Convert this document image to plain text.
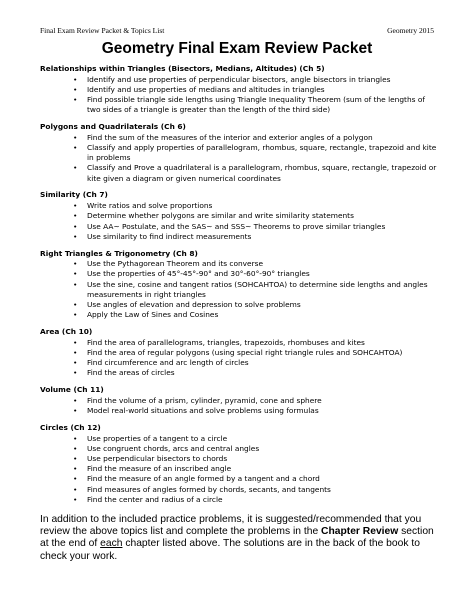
Final Exam Review Packet & Topics List	Geometry 2015
Geometry Final Exam Review Packet
Relationships within Triangles (Bisectors, Medians, Altitudes) (Ch 5)
• Identify and use properties of perpendicular bisectors, angle bisectors in triangles
• Identify and use properties of medians and altitudes in triangles
• Find possible triangle side lengths using Triangle Inequality Theorem (sum of the lengths of two sides of a triangle is greater than the length of the third side)
Polygons and Quadrilaterals (Ch 6)
• Find the sum of the measures of the interior and exterior angles of a polygon
• Classify and apply properties of parallelogram, rhombus, square, rectangle, trapezoid and kite in problems
• Classify and Prove a quadrilateral is a parallelogram, rhombus, square, rectangle, trapezoid or kite given a diagram or given numerical coordinates
Similarity (Ch 7)
• Write ratios and solve proportions
• Determine whether polygons are similar and write similarity statements
• Use AA~ Postulate, and the SAS~ and SSS~ Theorems to prove similar triangles
• Use similarity to find indirect measurements
Right Triangles & Trigonometry (Ch 8)
• Use the Pythagorean Theorem and its converse
• Use the properties of 45°-45°-90° and 30°-60°-90° triangles
• Use the sine, cosine and tangent ratios (SOHCAHTOA) to determine side lengths and angles measurements in right triangles
• Use angles of elevation and depression to solve problems
• Apply the Law of Sines and Cosines
Area (Ch 10)
• Find the area of parallelograms, triangles, trapezoids, rhombuses and kites
• Find the area of regular polygons (using special right triangle rules and SOHCAHTOA)
• Find circumference and arc length of circles
• Find the areas of circles
Volume (Ch 11)
• Find the volume of a prism, cylinder, pyramid, cone and sphere
• Model real-world situations and solve problems using formulas
Circles (Ch 12)
• Use properties of a tangent to a circle
• Use congruent chords, arcs and central angles
• Use perpendicular bisectors to chords
• Find the measure of an inscribed angle
• Find the measure of an angle formed by a tangent and a chord
• Find measures of angles formed by chords, secants, and tangents
• Find the center and radius of a circle
In addition to the included practice problems, it is suggested/recommended that you review the above topics list and complete the problems in the Chapter Review section at the end of each chapter listed above. The solutions are in the back of the book to check your work.
